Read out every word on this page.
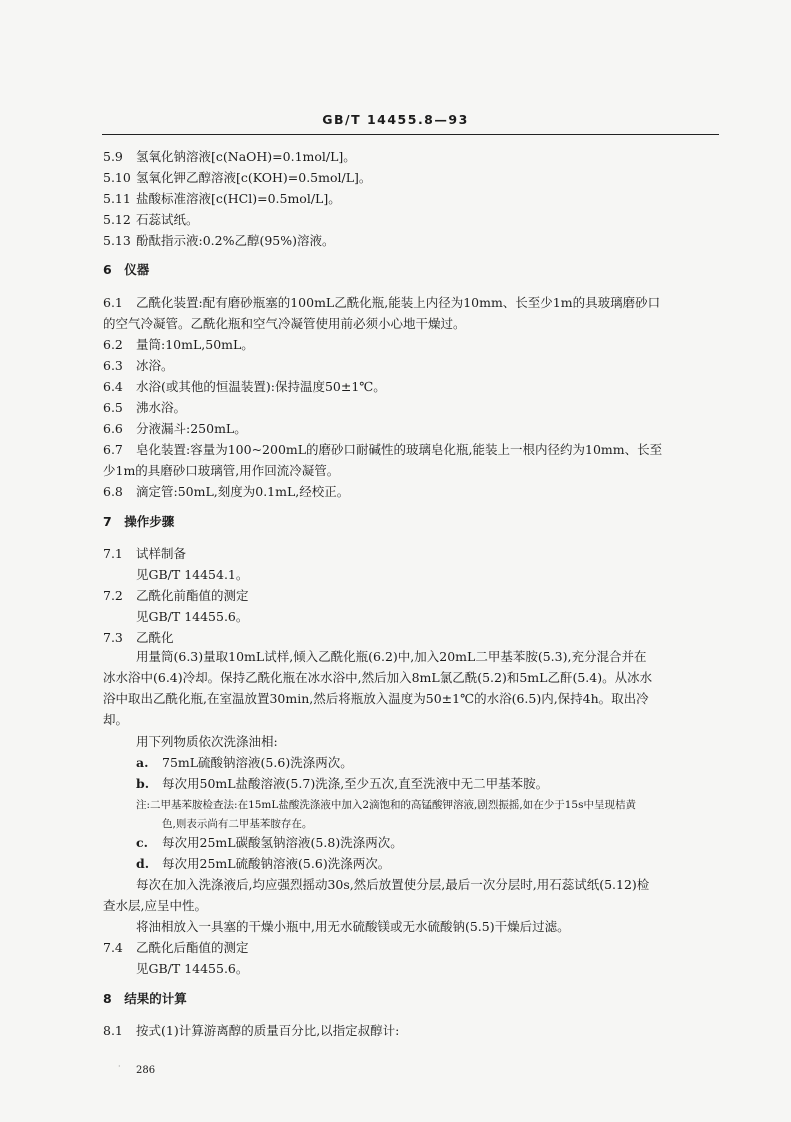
GB/T 14455.8—93
5.9 氢氧化钠溶液[c(NaOH)=0.1mol/L]。
5.10 氢氧化钾乙醇溶液[c(KOH)=0.5mol/L]。
5.11 盐酸标准溶液[c(HCl)=0.5mol/L]。
5.12 石蕊试纸。
5.13 酚酞指示液:0.2%乙醇(95%)溶液。
6　仪器
6.1 乙酰化装置:配有磨砂瓶塞的100mL乙酰化瓶,能装上内径为10mm、长至少1m的具玻璃磨砂口
的空气冷凝管。乙酰化瓶和空气冷凝管使用前必须小心地干燥过。
6.2 量筒:10mL,50mL。
6.3 冰浴。
6.4 水浴(或其他的恒温装置):保持温度50±1℃。
6.5 沸水浴。
6.6 分液漏斗:250mL。
6.7 皂化装置:容量为100~200mL的磨砂口耐碱性的玻璃皂化瓶,能装上一根内径约为10mm、长至
少1m的具磨砂口玻璃管,用作回流冷凝管。
6.8 滴定管:50mL,刻度为0.1mL,经校正。
7　操作步骤
7.1 试样制备
见GB/T 14454.1。
7.2 乙酰化前酯值的测定
见GB/T 14455.6。
7.3 乙酰化
用量筒(6.3)量取10mL试样,倾入乙酰化瓶(6.2)中,加入20mL二甲基苯胺(5.3),充分混合并在
冰水浴中(6.4)冷却。保持乙酰化瓶在冰水浴中,然后加入8mL氯乙酰(5.2)和5mL乙酐(5.4)。从冰水
浴中取出乙酰化瓶,在室温放置30min,然后将瓶放入温度为50±1℃的水浴(6.5)内,保持4h。取出冷
却。
用下列物质依次洗涤油相:
a. 75mL硫酸钠溶液(5.6)洗涤两次。
b. 每次用50mL盐酸溶液(5.7)洗涤,至少五次,直至洗液中无二甲基苯胺。
注:二甲基苯胺检查法:在15mL盐酸洗涤液中加入2滴饱和的高锰酸钾溶液,剧烈振摇,如在少于15s中呈现桔黄
色,则表示尚有二甲基苯胺存在。
c. 每次用25mL碳酸氢钠溶液(5.8)洗涤两次。
d. 每次用25mL硫酸钠溶液(5.6)洗涤两次。
每次在加入洗涤液后,均应强烈摇动30s,然后放置使分层,最后一次分层时,用石蕊试纸(5.12)检
查水层,应呈中性。
将油相放入一具塞的干燥小瓶中,用无水硫酸镁或无水硫酸钠(5.5)干燥后过滤。
7.4 乙酰化后酯值的测定
见GB/T 14455.6。
8　结果的计算
8.1 按式(1)计算游离醇的质量百分比,以指定叔醇计:
· 286
